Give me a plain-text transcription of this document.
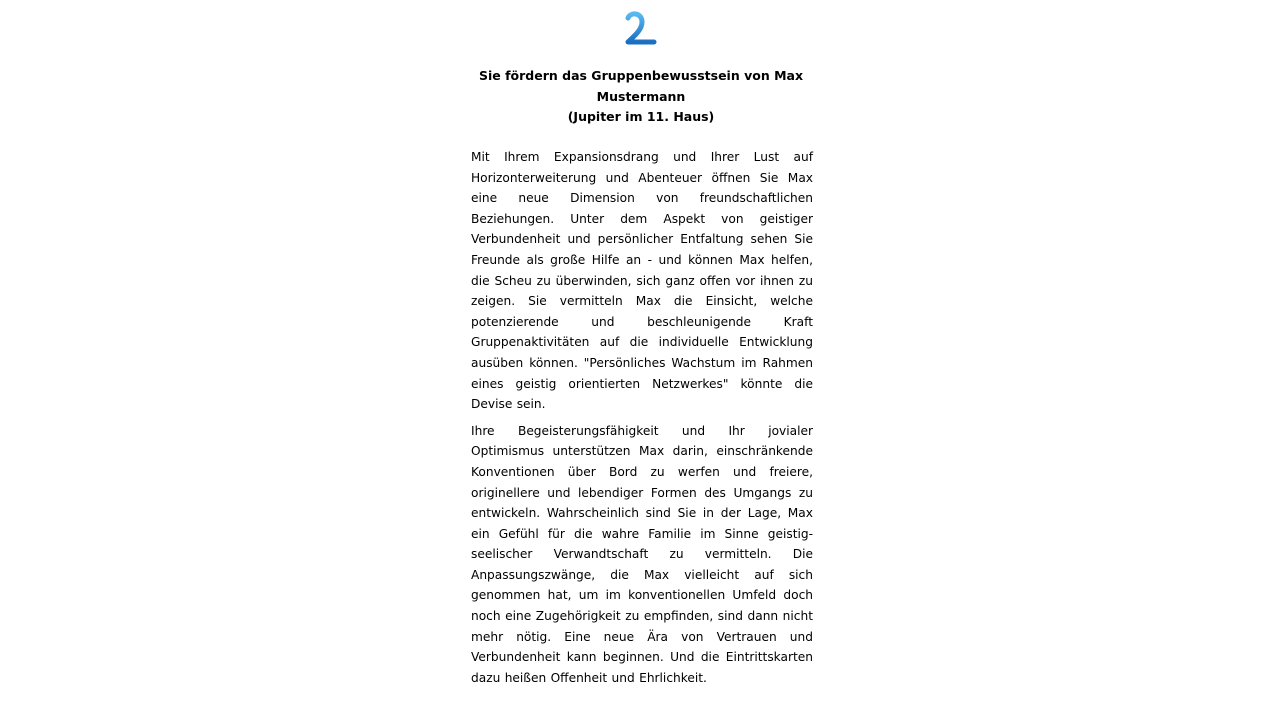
Sie fördern das Gruppenbewusstsein von Max Mustermann
(Jupiter im 11. Haus)

Mit Ihrem Expansionsdrang und Ihrer Lust auf Horizonterweiterung und Abenteuer öffnen Sie Max eine neue Dimension von freundschaftlichen Beziehungen. Unter dem Aspekt von geistiger Verbundenheit und persönlicher Entfaltung sehen Sie Freunde als große Hilfe an - und können Max helfen, die Scheu zu überwinden, sich ganz offen vor ihnen zu zeigen. Sie vermitteln Max die Einsicht, welche potenzierende und beschleunigende Kraft Gruppenaktivitäten auf die individuelle Entwicklung ausüben können. "Persönliches Wachstum im Rahmen eines geistig orientierten Netzwerkes" könnte die Devise sein.

Ihre Begeisterungsfähigkeit und Ihr jovialer Optimismus unterstützen Max darin, einschränkende Konventionen über Bord zu werfen und freiere, originellere und lebendiger Formen des Umgangs zu entwickeln. Wahrscheinlich sind Sie in der Lage, Max ein Gefühl für die wahre Familie im Sinne geistig-seelischer Verwandtschaft zu vermitteln. Die Anpassungszwänge, die Max vielleicht auf sich genommen hat, um im konventionellen Umfeld doch noch eine Zugehörigkeit zu empfinden, sind dann nicht mehr nötig. Eine neue Ära von Vertrauen und Verbundenheit kann beginnen. Und die Eintrittskarten dazu heißen Offenheit und Ehrlichkeit.
